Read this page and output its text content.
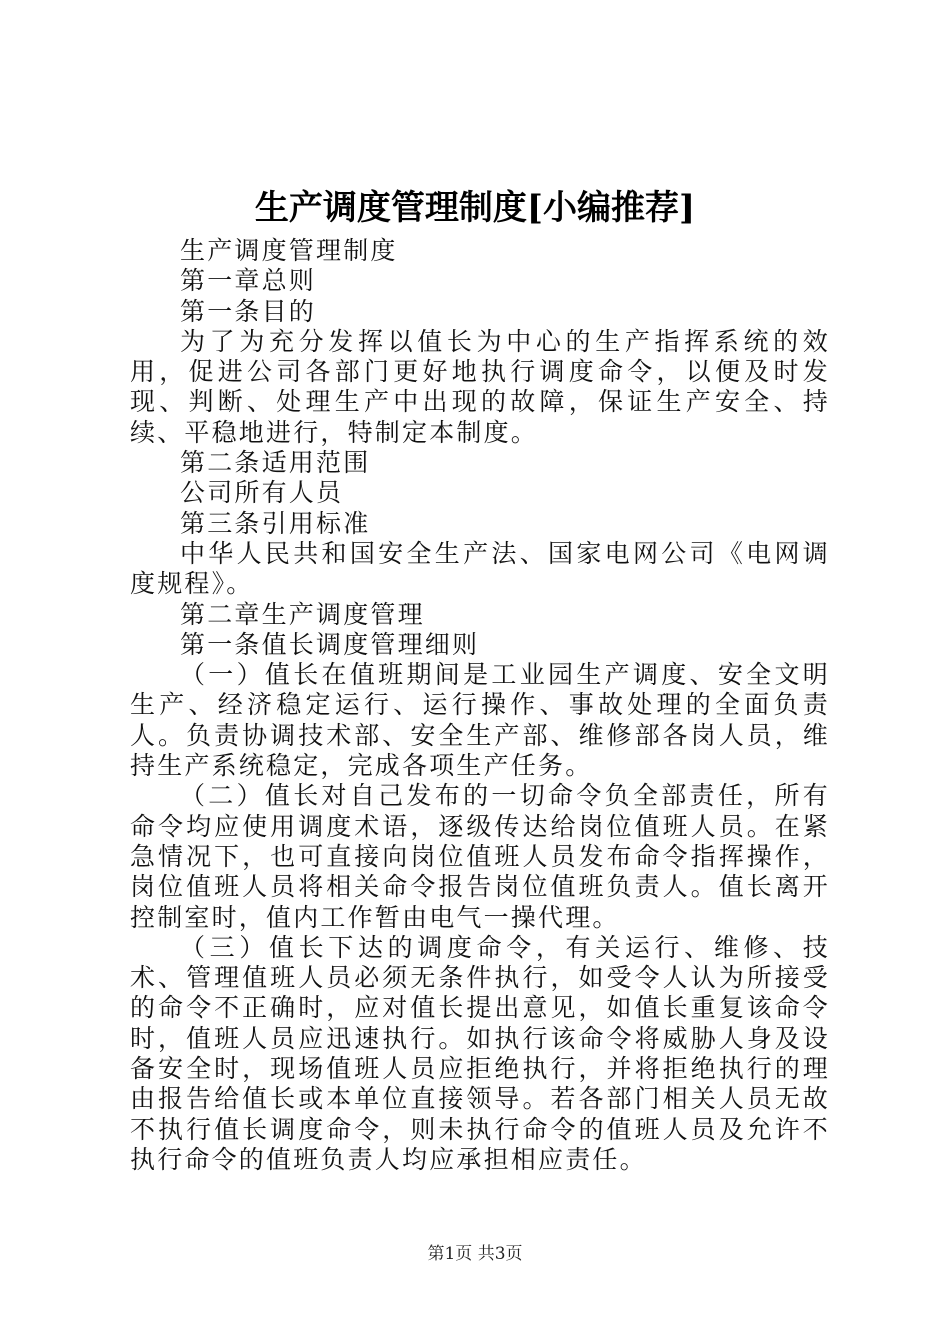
生产调度管理制度[小编推荐]

生产调度管理制度

第一章总则

第一条目的

为了为充分发挥以值长为中心的生产指挥系统的效用，促进公司各部门更好地执行调度命令，以便及时发现、判断、处理生产中出现的故障，保证生产安全、持续、平稳地进行，特制定本制度。

第二条适用范围

公司所有人员

第三条引用标准

中华人民共和国安全生产法、国家电网公司《电网调度规程》。

第二章生产调度管理

第一条值长调度管理细则

（一）值长在值班期间是工业园生产调度、安全文明生产、经济稳定运行、运行操作、事故处理的全面负责人。负责协调技术部、安全生产部、维修部各岗人员，维持生产系统稳定，完成各项生产任务。

（二）值长对自己发布的一切命令负全部责任，所有命令均应使用调度术语，逐级传达给岗位值班人员。在紧急情况下，也可直接向岗位值班人员发布命令指挥操作，岗位值班人员将相关命令报告岗位值班负责人。值长离开控制室时，值内工作暂由电气一操代理。

（三）值长下达的调度命令，有关运行、维修、技术、管理值班人员必须无条件执行，如受令人认为所接受的命令不正确时，应对值长提出意见，如值长重复该命令时，值班人员应迅速执行。如执行该命令将威胁人身及设备安全时，现场值班人员应拒绝执行，并将拒绝执行的理由报告给值长或本单位直接领导。若各部门相关人员无故不执行值长调度命令，则未执行命令的值班人员及允许不执行命令的值班负责人均应承担相应责任。

第1页 共3页
